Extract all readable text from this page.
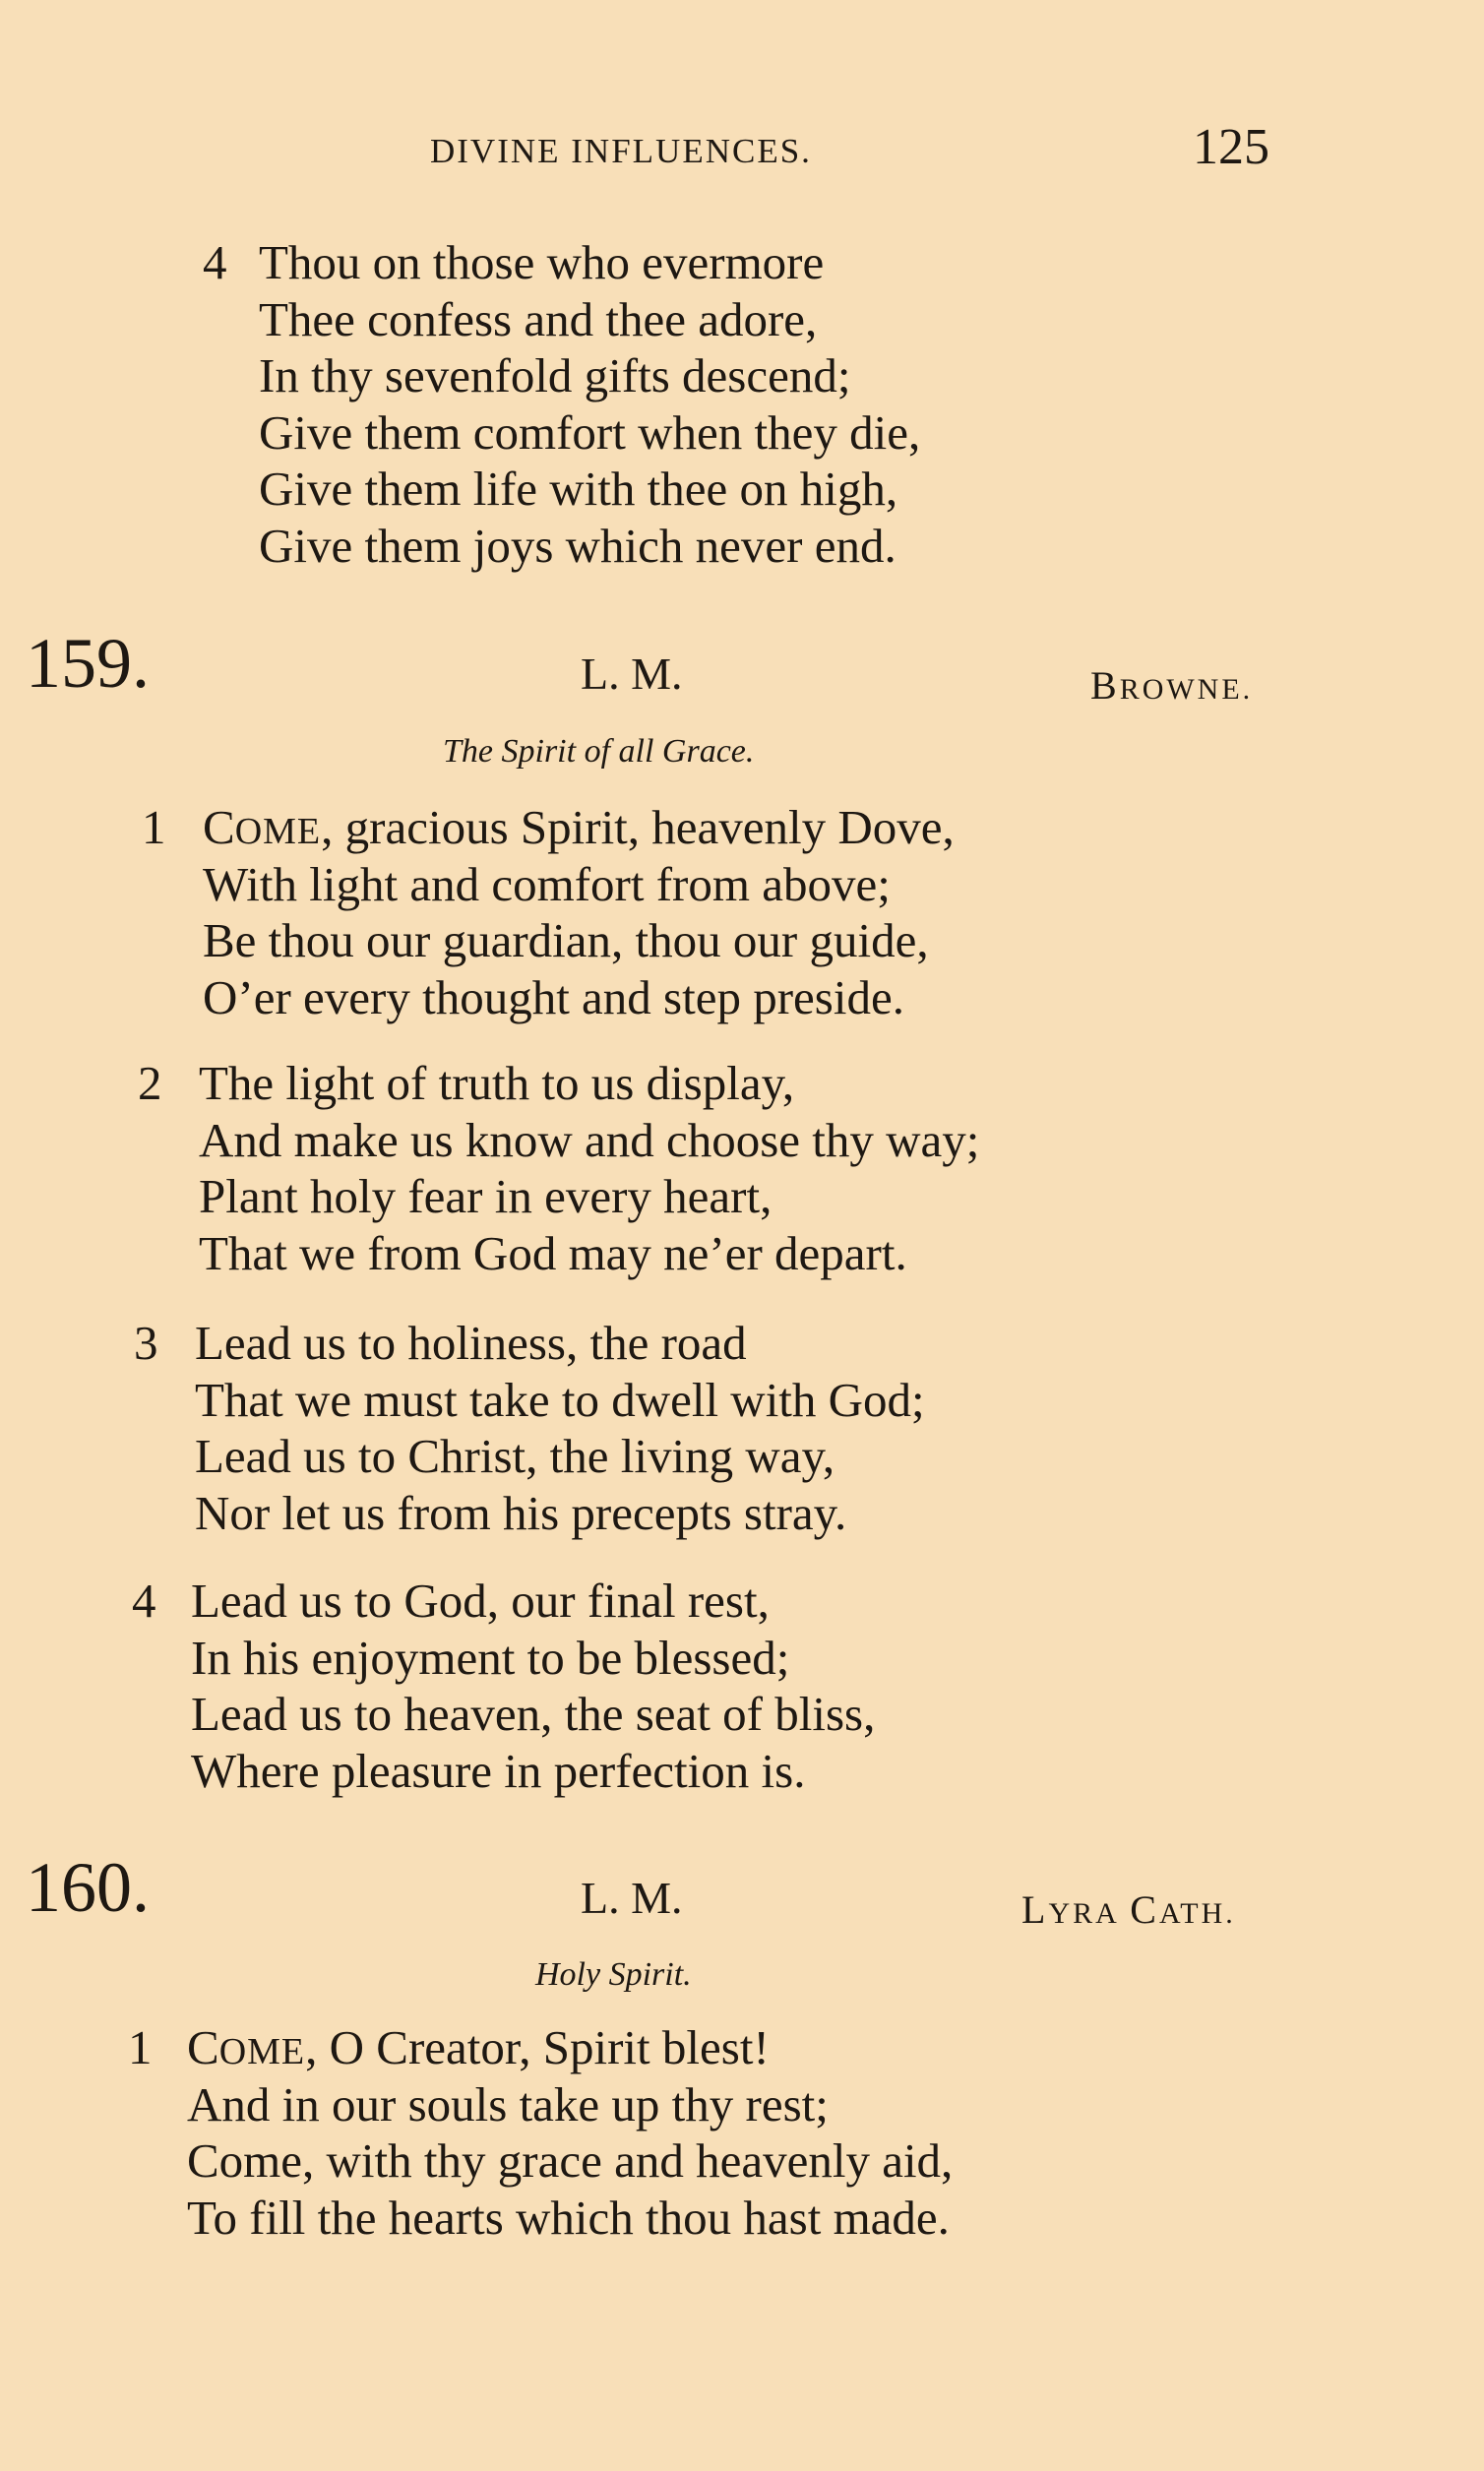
DIVINE INFLUENCES.	125
4 Thou on those who evermore
Thee confess and thee adore,
In thy sevenfold gifts descend;
Give them comfort when they die,
Give them life with thee on high,
Give them joys which never end.
159.	L. M.	BROWNE.
The Spirit of all Grace.
1 COME, gracious Spirit, heavenly Dove,
With light and comfort from above;
Be thou our guardian, thou our guide,
O’er every thought and step preside.
2 The light of truth to us display,
And make us know and choose thy way;
Plant holy fear in every heart,
That we from God may ne’er depart.
3 Lead us to holiness, the road
That we must take to dwell with God;
Lead us to Christ, the living way,
Nor let us from his precepts stray.
4 Lead us to God, our final rest,
In his enjoyment to be blessed;
Lead us to heaven, the seat of bliss,
Where pleasure in perfection is.
160.	L. M.	LYRA CATH.
Holy Spirit.
1 COME, O Creator, Spirit blest!
And in our souls take up thy rest;
Come, with thy grace and heavenly aid,
To fill the hearts which thou hast made.
